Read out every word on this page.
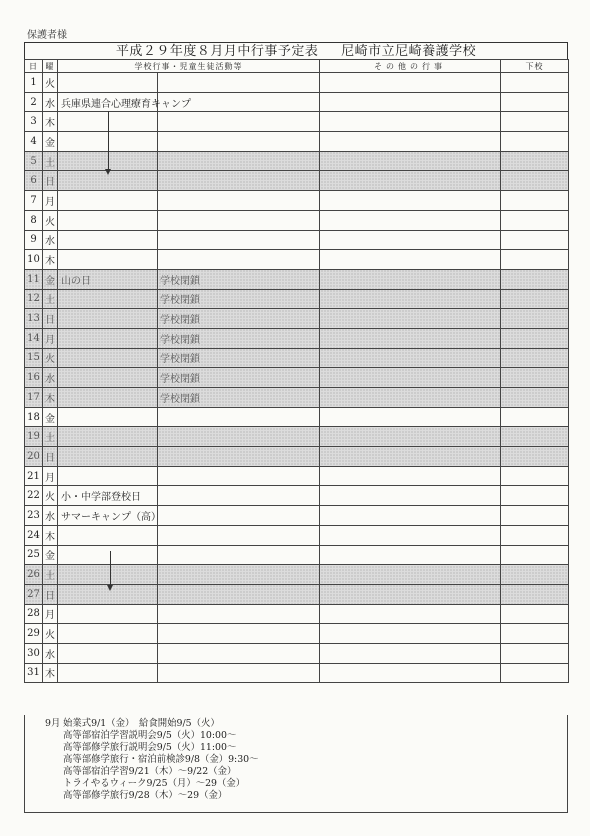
保護者様
平成２９年度８月月中行事予定表 尼崎市立尼崎養護学校
日	曜	学校行事・児童生徒活動等		その他の行事	下校
1	火				
2	水	兵庫県連合心理療育キャンプ			
3	木				
4	金				
5	土				
6	日				
7	月				
8	火				
9	水				
10	木				
11	金	山の日	学校閉鎖		
12	土		学校閉鎖		
13	日		学校閉鎖		
14	月		学校閉鎖		
15	火		学校閉鎖		
16	水		学校閉鎖		
17	木		学校閉鎖		
18	金				
19	土				
20	日				
21	月				
22	火	小・中学部登校日			
23	水	サマーキャンプ（高）			
24	木				
25	金				
26	土				
27	日				
28	月				
29	火				
30	水				
31	木				
9月 始業式9/1（金）　給食開始9/5（火）
高等部宿泊学習説明会9/5（火）10:00～
高等部修学旅行説明会9/5（火）11:00～
高等部修学旅行・宿泊前検診9/8（金）9:30～
高等部宿泊学習9/21（木）～9/22（金）
トライやるウィーク9/25（月）～29（金）
高等部修学旅行9/28（木）～29（金）
